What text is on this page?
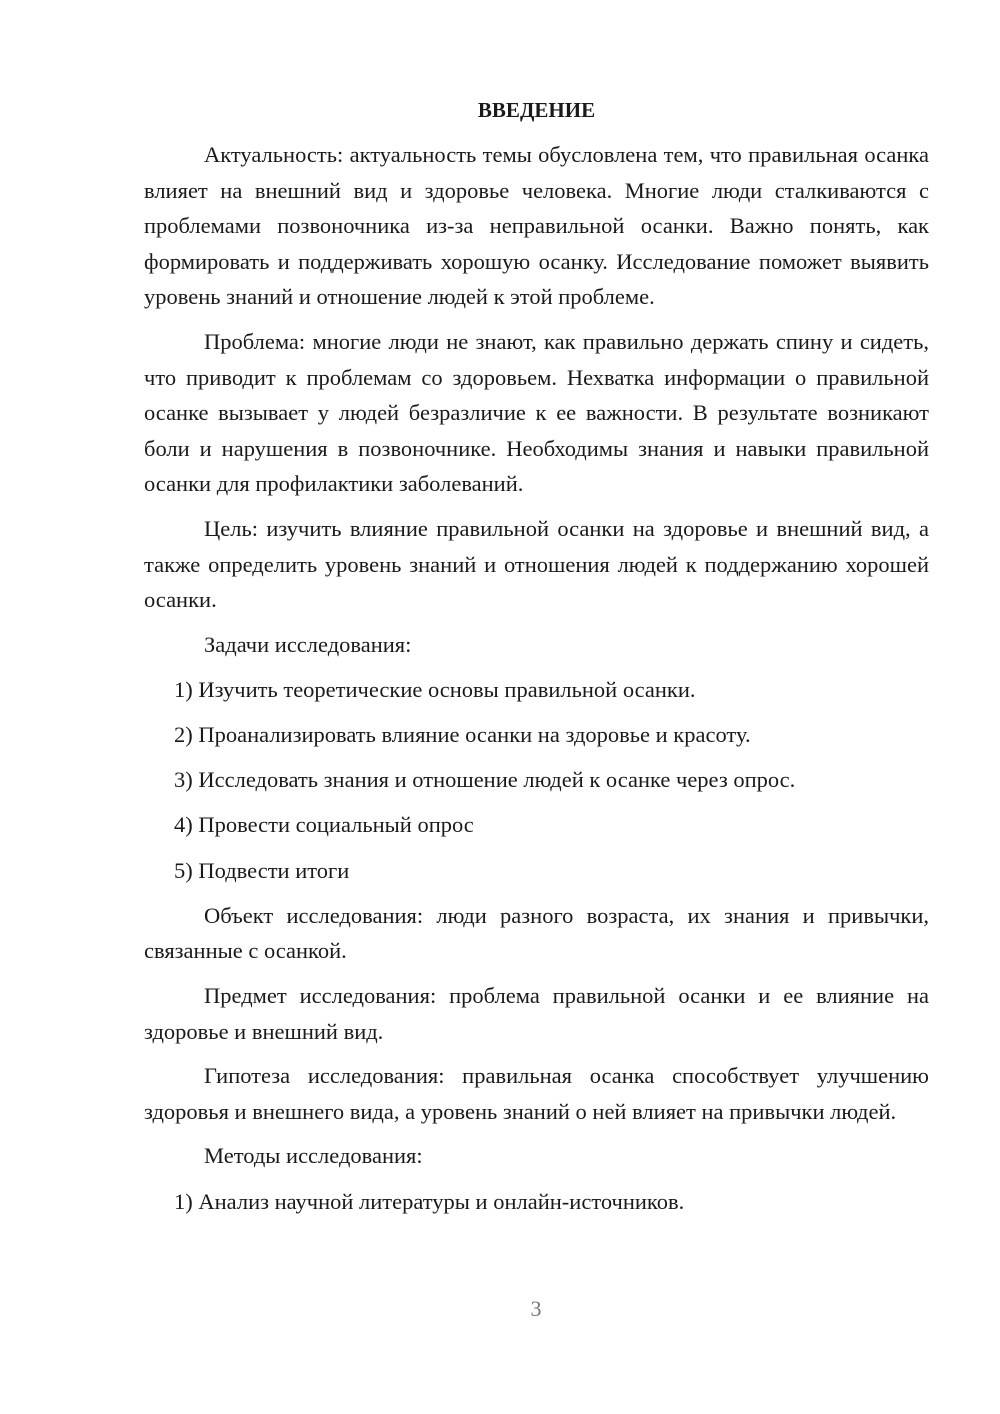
ВВЕДЕНИЕ

Актуальность: актуальность темы обусловлена тем, что правильная осанка влияет на внешний вид и здоровье человека. Многие люди сталкиваются с проблемами позвоночника из-за неправильной осанки. Важно понять, как формировать и поддерживать хорошую осанку. Исследование поможет выявить уровень знаний и отношение людей к этой проблеме.

Проблема: многие люди не знают, как правильно держать спину и сидеть, что приводит к проблемам со здоровьем. Нехватка информации о правильной осанке вызывает у людей безразличие к ее важности. В результате возникают боли и нарушения в позвоночнике. Необходимы знания и навыки правильной осанки для профилактики заболеваний.

Цель: изучить влияние правильной осанки на здоровье и внешний вид, а также определить уровень знаний и отношения людей к поддержанию хорошей осанки.

Задачи исследования:

1) Изучить теоретические основы правильной осанки.

2) Проанализировать влияние осанки на здоровье и красоту.

3) Исследовать знания и отношение людей к осанке через опрос.

4) Провести социальный опрос

5) Подвести итоги

Объект исследования: люди разного возраста, их знания и привычки, связанные с осанкой.

Предмет исследования: проблема правильной осанки и ее влияние на здоровье и внешний вид.

Гипотеза исследования: правильная осанка способствует улучшению здоровья и внешнего вида, а уровень знаний о ней влияет на привычки людей.

Методы исследования:

1) Анализ научной литературы и онлайн-источников.

3
